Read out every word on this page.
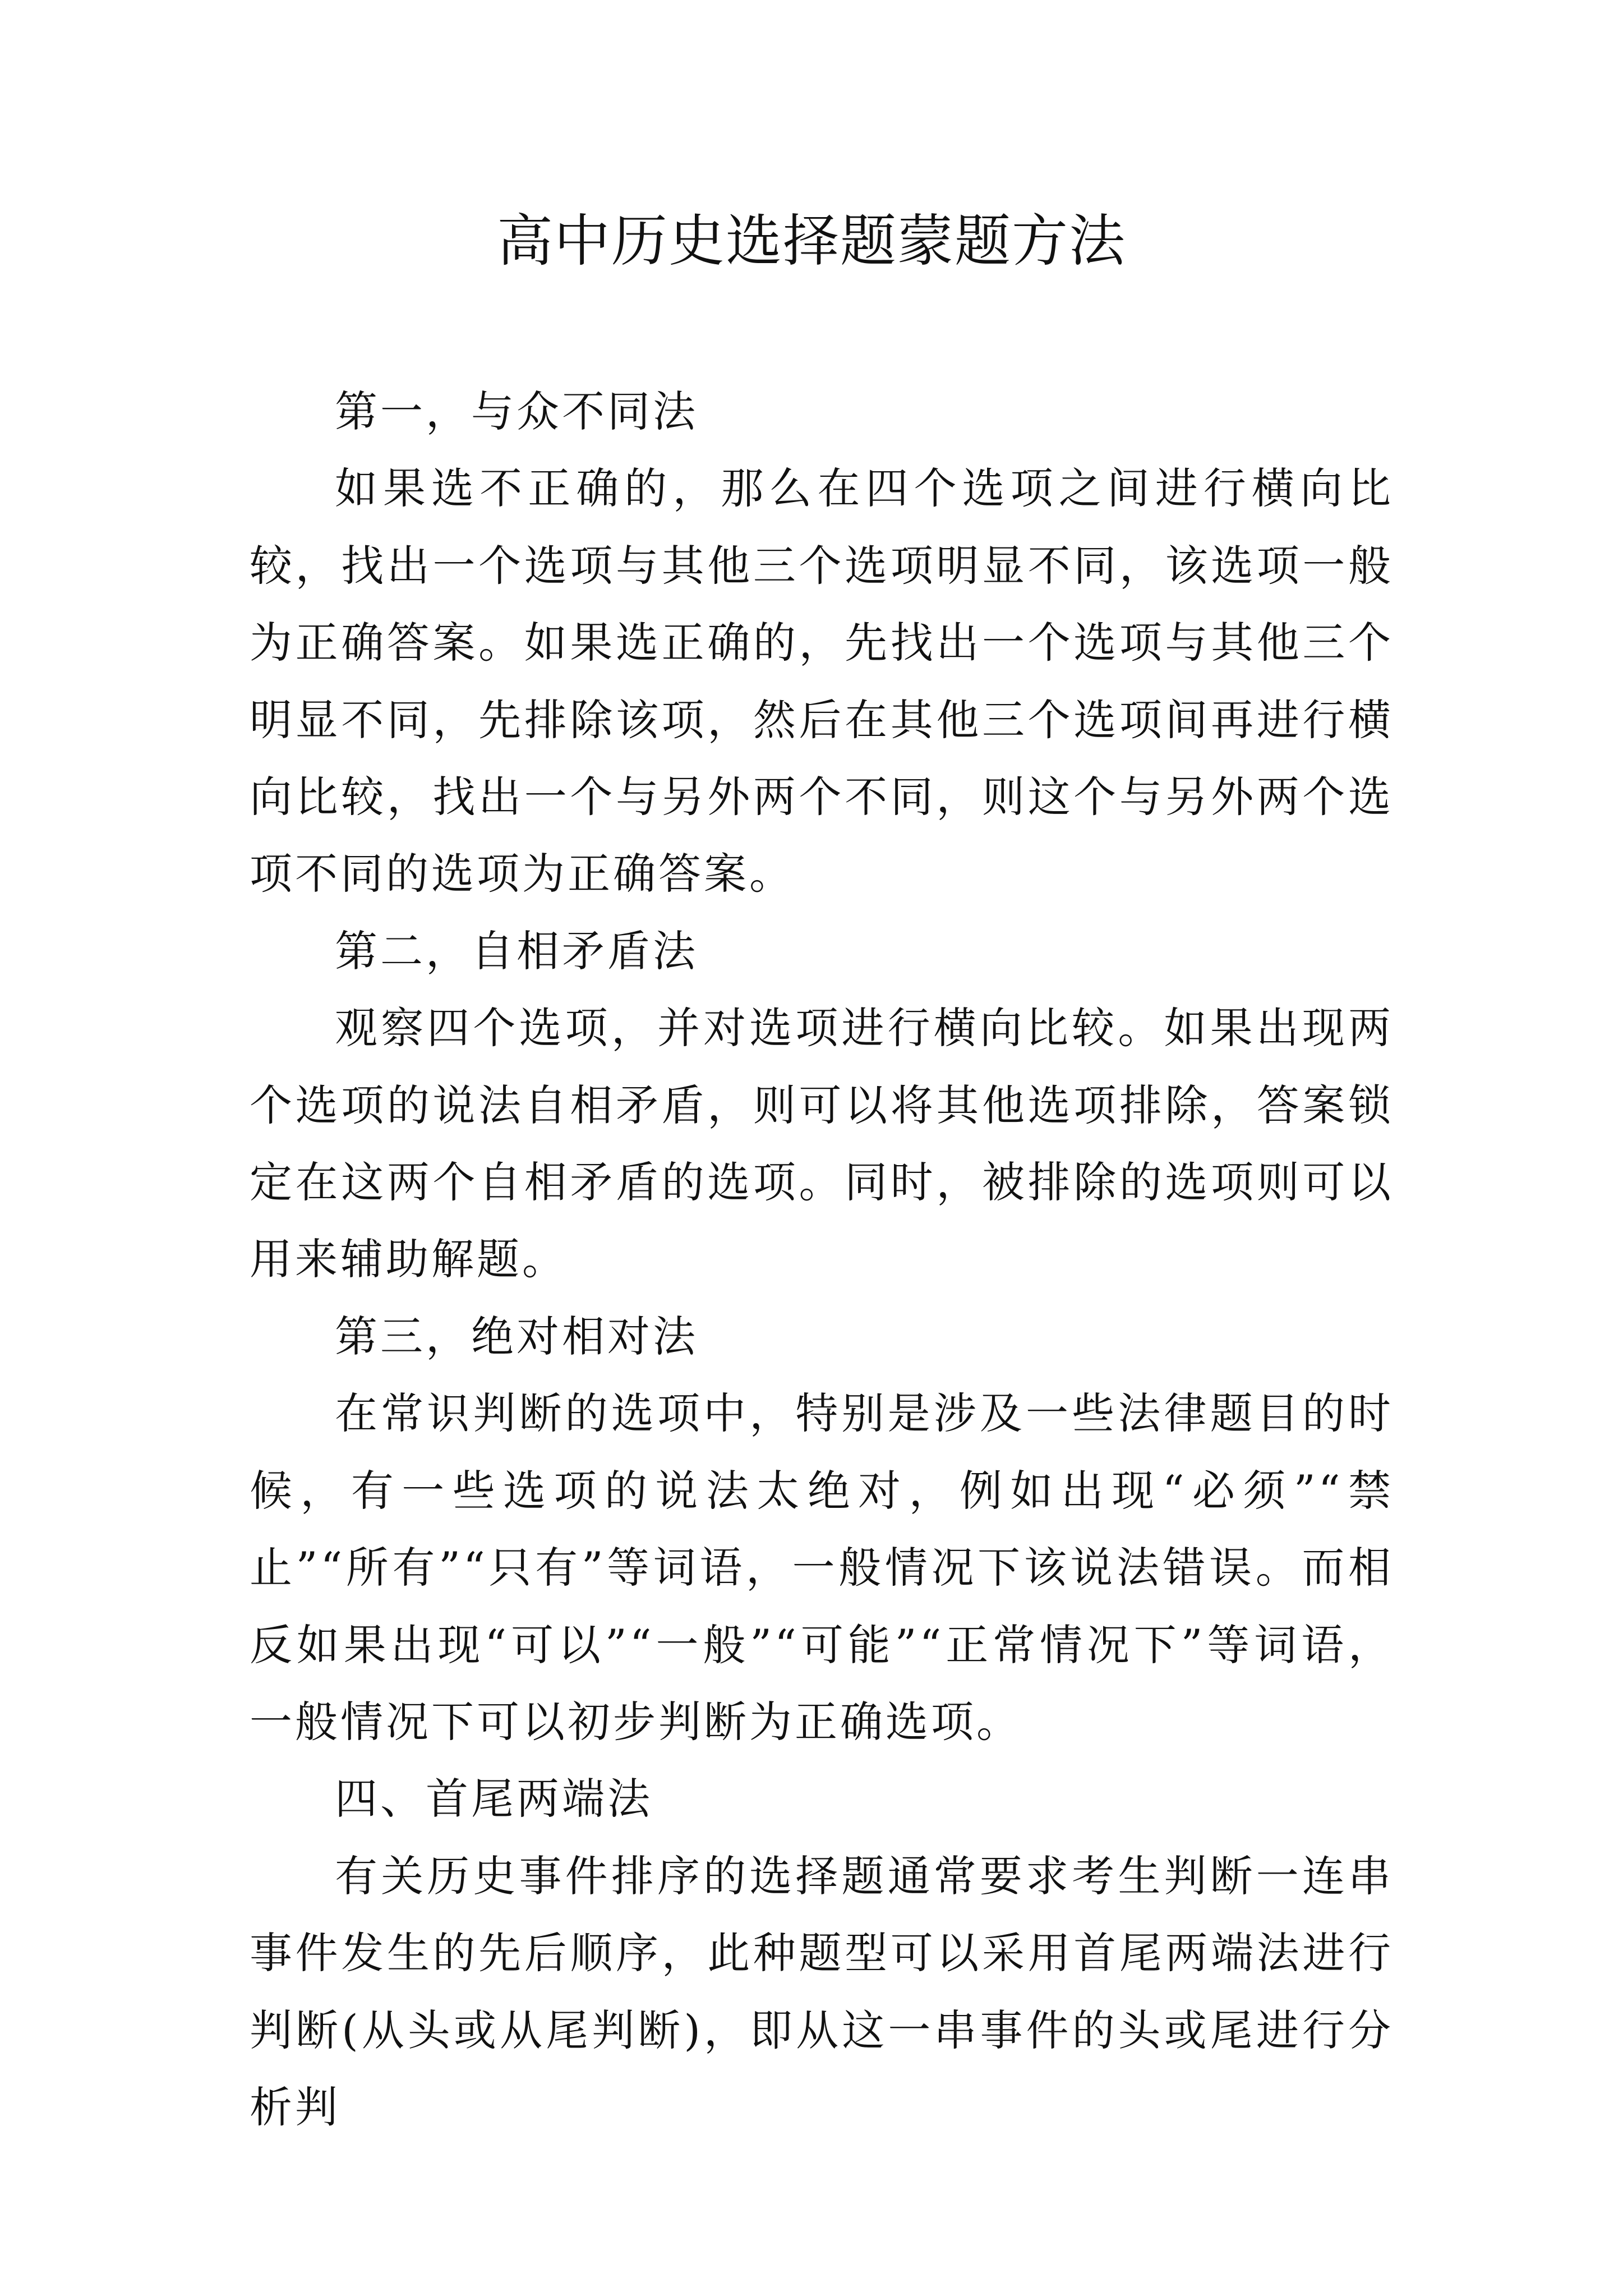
高中历史选择题蒙题方法

第一，与众不同法

如果选不正确的，那么在四个选项之间进行横向比较，找出一个选项与其他三个选项明显不同，该选项一般为正确答案。如果选正确的，先找出一个选项与其他三个明显不同，先排除该项，然后在其他三个选项间再进行横向比较，找出一个与另外两个不同，则这个与另外两个选项不同的选项为正确答案。

第二，自相矛盾法

观察四个选项，并对选项进行横向比较。如果出现两个选项的说法自相矛盾，则可以将其他选项排除，答案锁定在这两个自相矛盾的选项。同时，被排除的选项则可以用来辅助解题。

第三，绝对相对法

在常识判断的选项中，特别是涉及一些法律题目的时候，有一些选项的说法太绝对，例如出现“必须”“禁止”“所有”“只有”等词语，一般情况下该说法错误。而相反如果出现“可以”“一般”“可能”“正常情况下”等词语，一般情况下可以初步判断为正确选项。

四、首尾两端法

有关历史事件排序的选择题通常要求考生判断一连串事件发生的先后顺序，此种题型可以采用首尾两端法进行判断(从头或从尾判断)，即从这一串事件的头或尾进行分析判
